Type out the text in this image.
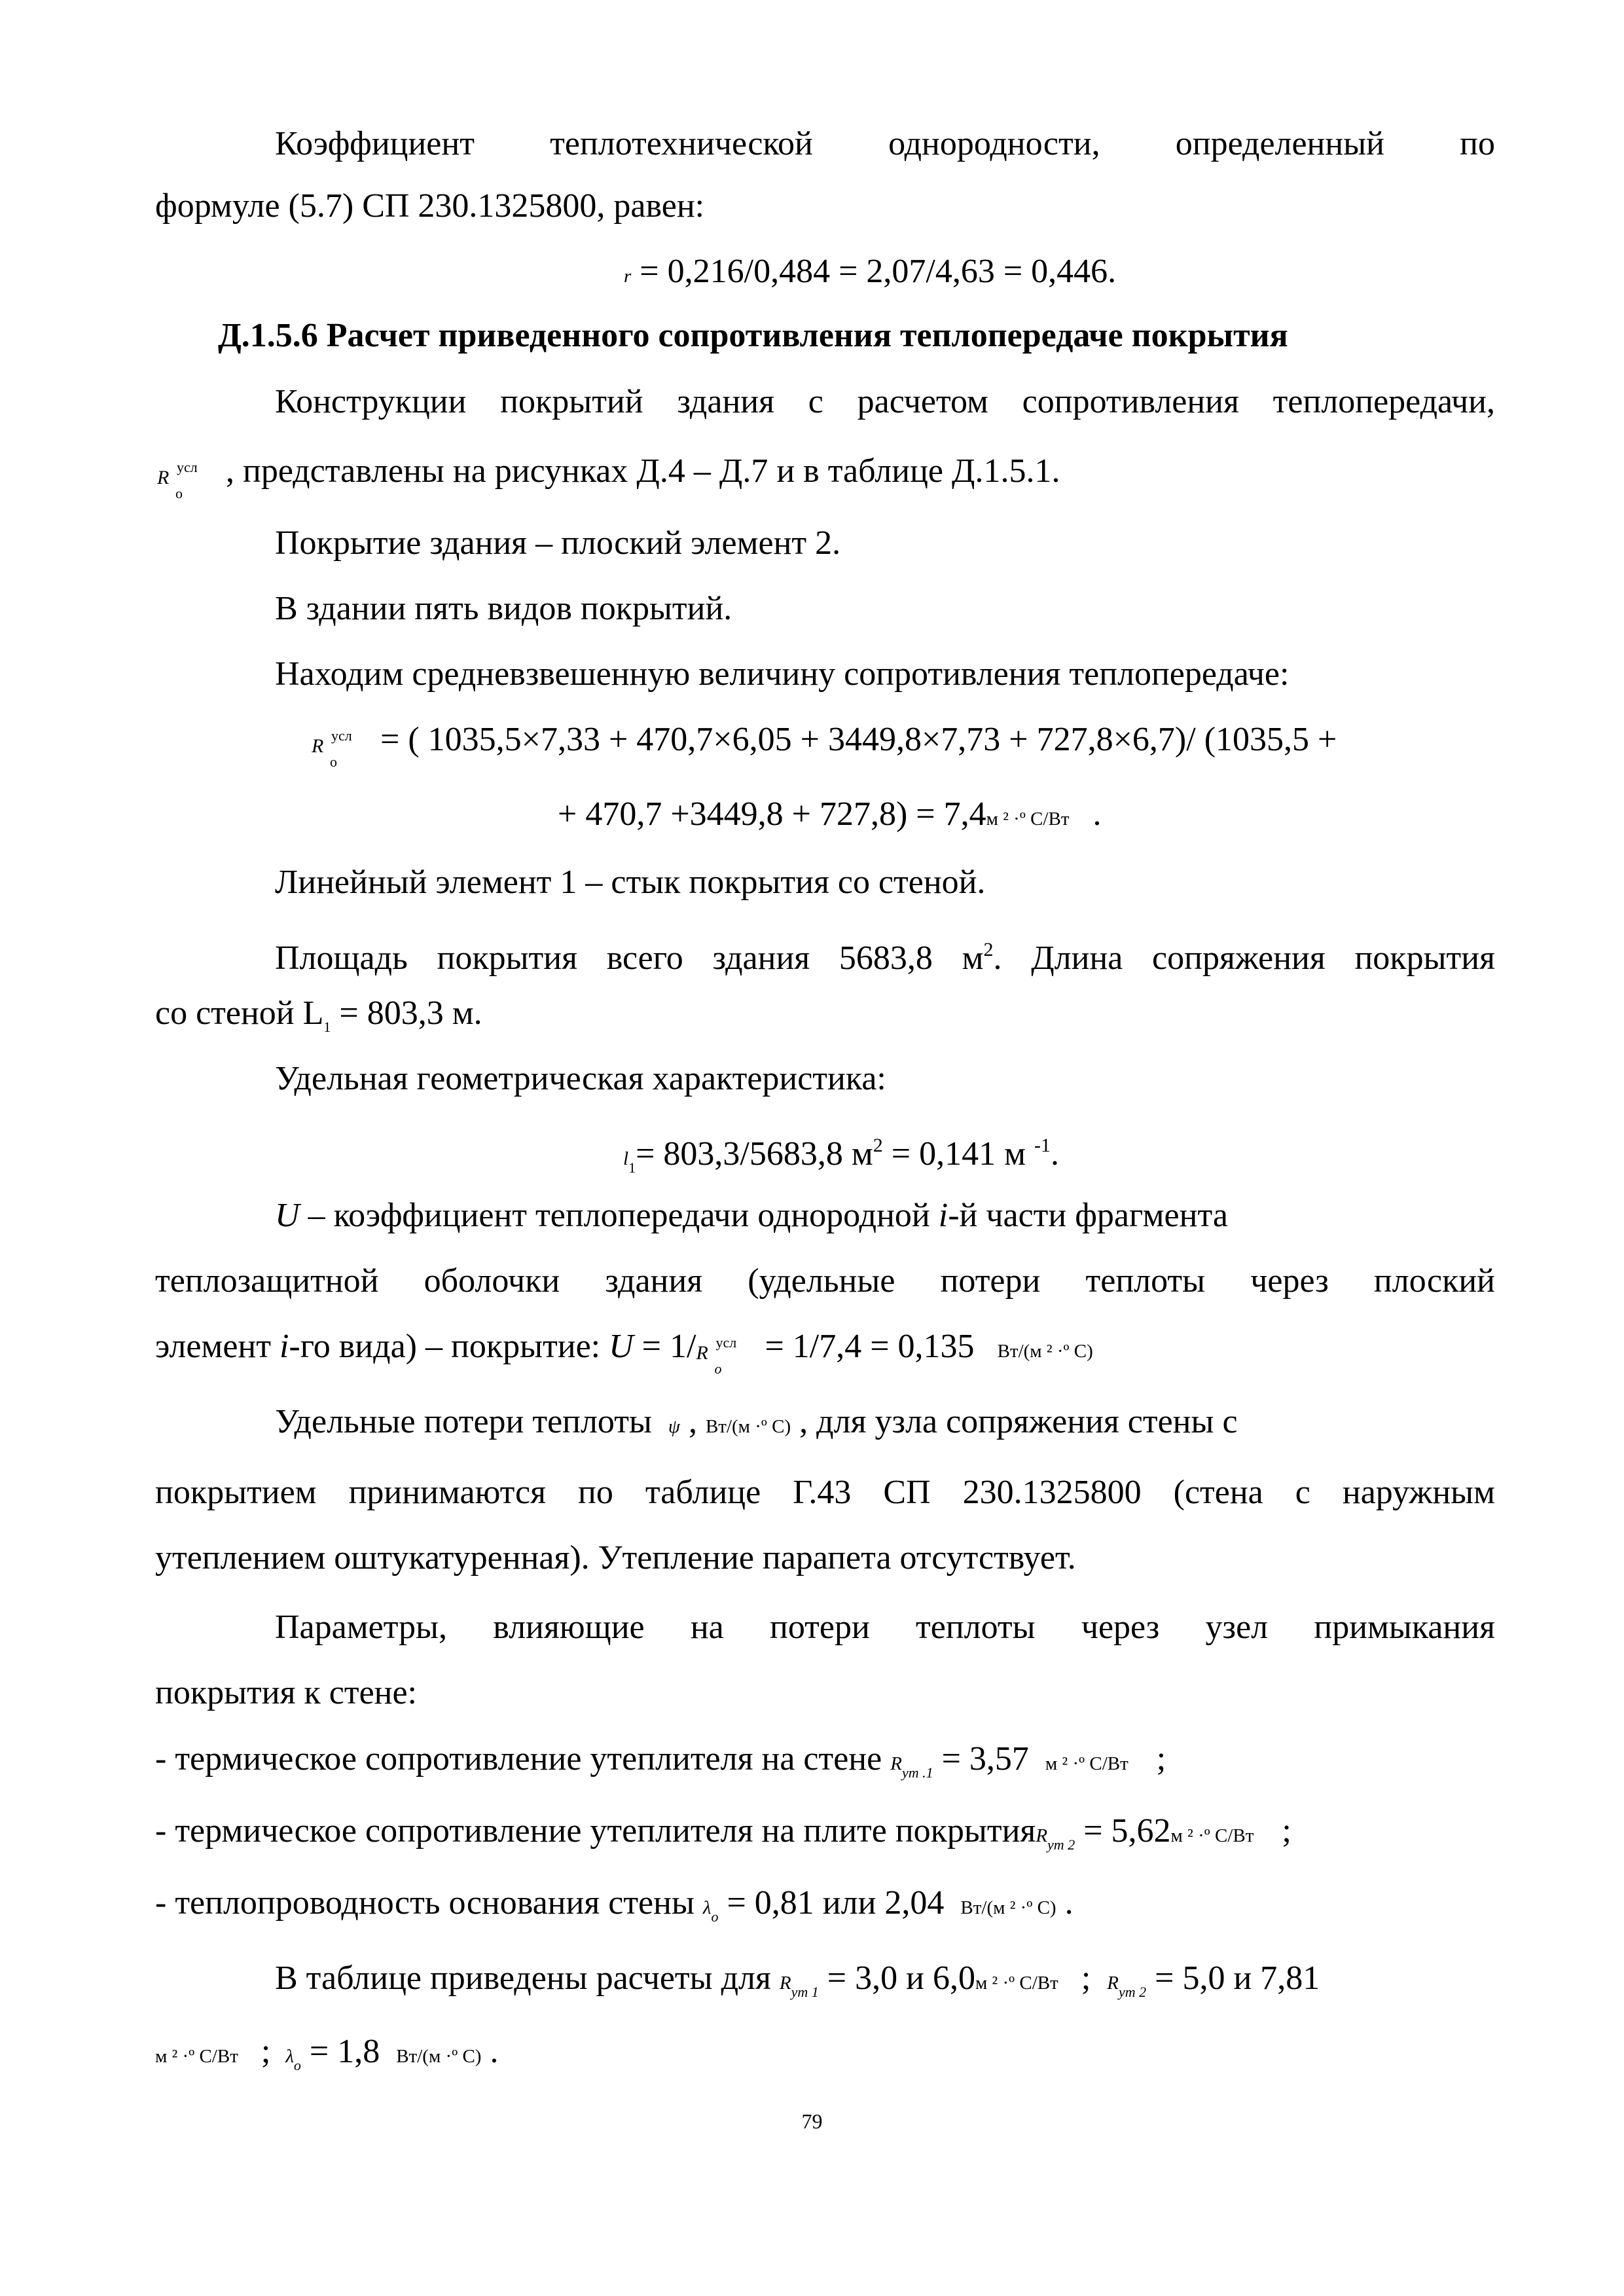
Коэффициент теплотехнической однородности, определенный по
формуле (5.7) СП 230.1325800, равен:
r = 0,216/0,484 = 2,07/4,63 = 0,446.
Д.1.5.6 Расчет приведенного сопротивления теплопередаче покрытия
Конструкции покрытий здания с расчетом сопротивления теплопередачи,
R усл
о
, представлены на рисунках Д.4 – Д.7 и в таблице Д.1.5.1.
Покрытие здания – плоский элемент 2.
В здании пять видов покрытий.
Находим средневзвешенную величину сопротивления теплопередаче:
R усл
о
= ( 1035,5×7,33 + 470,7×6,05 + 3449,8×7,73 + 727,8×6,7)/ (1035,5 +
+ 470,7 +3449,8 + 727,8) = 7,4м ² ·º С/Вт .
Линейный элемент 1 – стык покрытия со стеной.
Площадь покрытия всего здания 5683,8 $м^2$. Длина сопряжения покрытия
со стеной $L_1 = 803,3$ м.
Удельная геометрическая характеристика:
$l_1= 803,3/5683,8$ $м^2 = 0,141$ м $^{-1}$.
U – коэффициент теплопередачи однородной i-й части фрагмента
теплозащитной оболочки здания (удельные потери теплоты через плоский
элемент i-го вида) – покрытие: U = 1/ R усл
o
= 1/7,4 = 0,135 Вт/(м ² ·º С)
Удельные потери теплоты ψ , Вт/(м ·º С) , для узла сопряжения стены с
покрытием принимаются по таблице Г.43 СП 230.1325800 (стена с наружным
утеплением оштукатуренная). Утепление парапета отсутствует.
Параметры, влияющие на потери теплоты через узел примыкания
покрытия к стене:
- термическое сопротивление утеплителя на стене $R_{ут .1} = 3,57$ м ² ·º С/Вт ;
- термическое сопротивление утеплителя на плите покрытияR$_{ут 2}$ = 5,62м ² ·º С/Вт ;
- теплопроводность основания стены $\lambda_о = 0,81$ или 2,04 Вт/(м ² ·º С) .
В таблице приведены расчеты для $R_{ут 1} = 3,0$ и 6,0м ² ·º С/Вт ; $R_{ут 2} = 5,0$ и 7,81
м ² ·º С/Вт ; $\lambda_о = 1,8$ Вт/(м ·º С) .
79
